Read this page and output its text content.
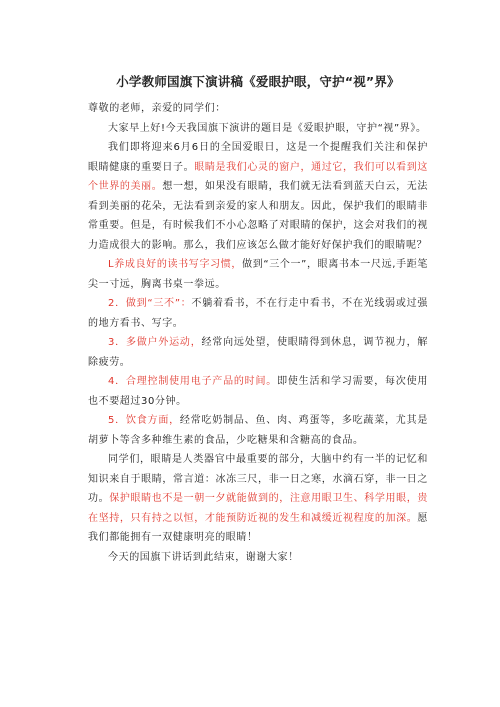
小学教师国旗下演讲稿《爱眼护眼，守护“视”界》

尊敬的老师，亲爱的同学们：

大家早上好!今天我国旗下演讲的题目是《爱眼护眼，守护“视”界》。

我们即将迎来6月6日的全国爱眼日，这是一个提醒我们关注和保护眼睛健康的重要日子。眼睛是我们心灵的窗户，通过它，我们可以看到这个世界的美丽。想一想，如果没有眼睛，我们就无法看到蓝天白云，无法看到美丽的花朵，无法看到亲爱的家人和朋友。因此，保护我们的眼睛非常重要。但是，有时候我们不小心忽略了对眼睛的保护，这会对我们的视力造成很大的影响。那么，我们应该怎么做才能好好保护我们的眼睛呢？

L养成良好的读书写字习惯，做到“三个一”，眼离书本一尺远,手距笔尖一寸远，胸离书桌一拳远。

2．做到“三不”：不躺着看书，不在行走中看书，不在光线弱或过强的地方看书、写字。

3．多做户外运动，经常向远处望，使眼睛得到休息，调节视力，解除疲劳。

4．合理控制使用电子产品的时间。即使生活和学习需要，每次使用也不要超过30分钟。

5．饮食方面，经常吃奶制品、鱼、肉、鸡蛋等，多吃蔬菜，尤其是胡萝卜等含多种维生素的食品，少吃糖果和含糖高的食品。

同学们，眼睛是人类器官中最重要的部分，大脑中约有一半的记忆和知识来自于眼睛，常言道：冰冻三尺，非一日之寒，水滴石穿，非一日之功。保护眼睛也不是一朝一夕就能做到的，注意用眼卫生、科学用眼，贵在坚持，只有持之以恒，才能预防近视的发生和减缓近视程度的加深。愿我们都能拥有一双健康明亮的眼睛！

今天的国旗下讲话到此结束，谢谢大家！
